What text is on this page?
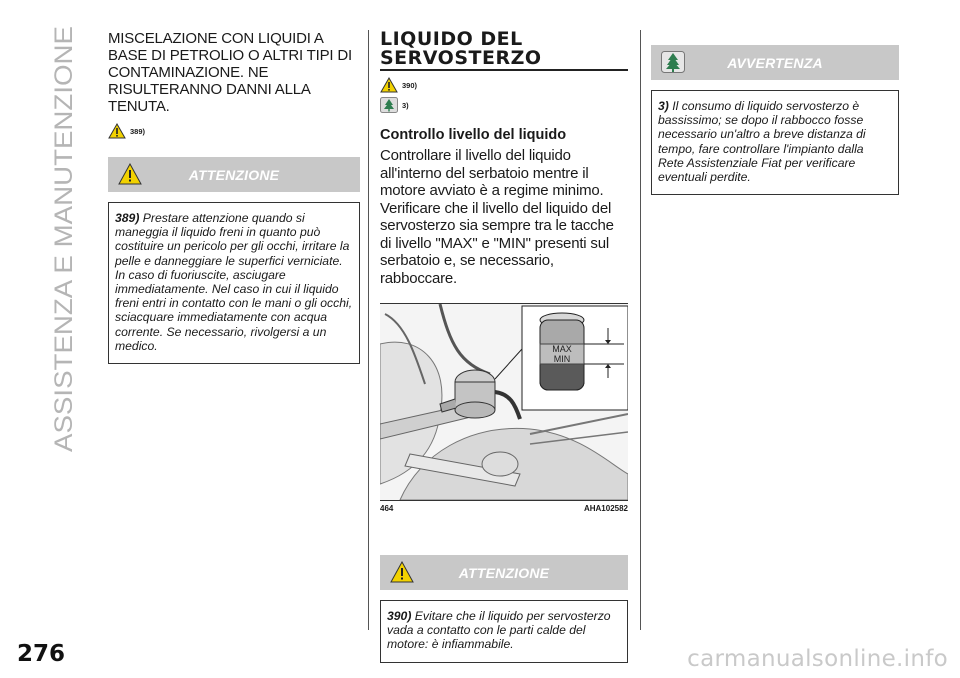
ASSISTENZA E MANUTENZIONE

MISCELAZIONE CON LIQUIDI A BASE DI PETROLIO O ALTRI TIPI DI CONTAMINAZIONE. NE RISULTERANNO DANNI ALLA TENUTA.

389)
ATTENZIONE
389) Prestare attenzione quando si maneggia il liquido freni in quanto può costituire un pericolo per gli occhi, irritare la pelle e danneggiare le superfici verniciate. In caso di fuoriuscite, asciugare immediatamente. Nel caso in cui il liquido freni entri in contatto con le mani o gli occhi, sciacquare immediatamente con acqua corrente. Se necessario, rivolgersi a un medico.
LIQUIDO DEL
SERVOSTERZO
390)
3)
Controllo livello del liquido

Controllare il livello del liquido all'interno del serbatoio mentre il motore avviato è a regime minimo. Verificare che il livello del liquido del servosterzo sia sempre tra le tacche di livello "MAX" e "MIN" presenti sul serbatoio e, se necessario, rabboccare.

MAX
MIN
464	AHA102582
ATTENZIONE
390) Evitare che il liquido per servosterzo vada a contatto con le parti calde del motore: è infiammabile.
AVVERTENZA
3) Il consumo di liquido servosterzo è bassissimo; se dopo il rabbocco fosse necessario un'altro a breve distanza di tempo, fare controllare l'impianto dalla Rete Assistenziale Fiat per verificare eventuali perdite.
276	carmanualsonline.info
